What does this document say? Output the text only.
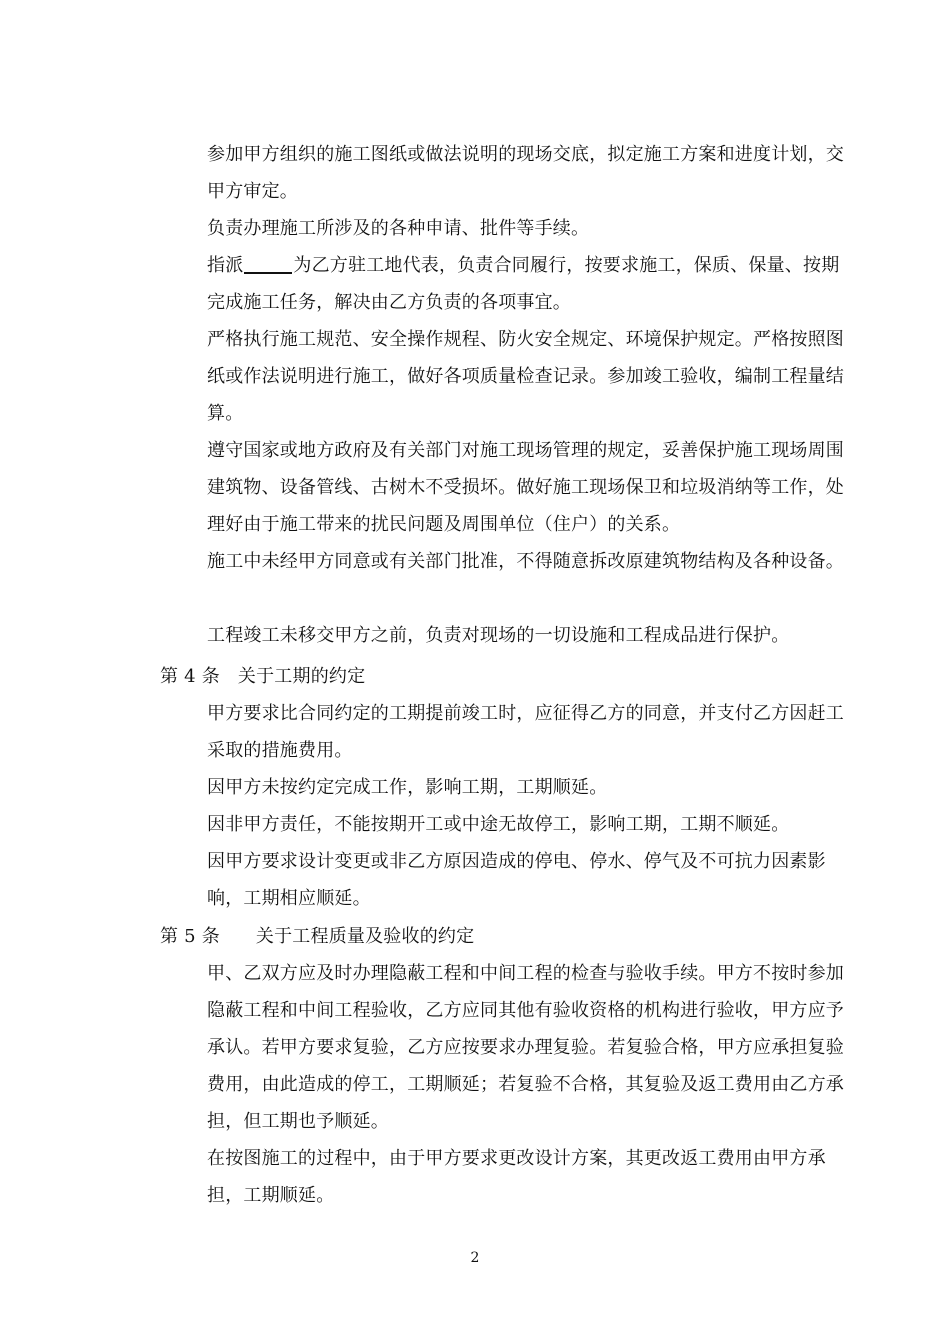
参加甲方组织的施工图纸或做法说明的现场交底，拟定施工方案和进度计划，交甲方审定。

负责办理施工所涉及的各种申请、批件等手续。

指派	为乙方驻工地代表，负责合同履行，按要求施工，保质、保量、按期完成施工任务，解决由乙方负责的各项事宜。

严格执行施工规范、安全操作规程、防火安全规定、环境保护规定。严格按照图纸或作法说明进行施工，做好各项质量检查记录。参加竣工验收，编制工程量结算。

遵守国家或地方政府及有关部门对施工现场管理的规定，妥善保护施工现场周围建筑物、设备管线、古树木不受损坏。做好施工现场保卫和垃圾消纳等工作，处理好由于施工带来的扰民问题及周围单位（住户）的关系。

施工中未经甲方同意或有关部门批准，不得随意拆改原建筑物结构及各种设备。

工程竣工未移交甲方之前，负责对现场的一切设施和工程成品进行保护。

第 4 条 关于工期的约定

甲方要求比合同约定的工期提前竣工时，应征得乙方的同意，并支付乙方因赶工采取的措施费用。

因甲方未按约定完成工作，影响工期，工期顺延。

因非甲方责任，不能按期开工或中途无故停工，影响工期，工期不顺延。

因甲方要求设计变更或非乙方原因造成的停电、停水、停气及不可抗力因素影响，工期相应顺延。

第 5 条 关于工程质量及验收的约定

甲、乙双方应及时办理隐蔽工程和中间工程的检查与验收手续。甲方不按时参加隐蔽工程和中间工程验收，乙方应同其他有验收资格的机构进行验收，甲方应予承认。若甲方要求复验，乙方应按要求办理复验。若复验合格，甲方应承担复验费用，由此造成的停工，工期顺延；若复验不合格，其复验及返工费用由乙方承担，但工期也予顺延。

在按图施工的过程中，由于甲方要求更改设计方案，其更改返工费用由甲方承担，工期顺延。

2
